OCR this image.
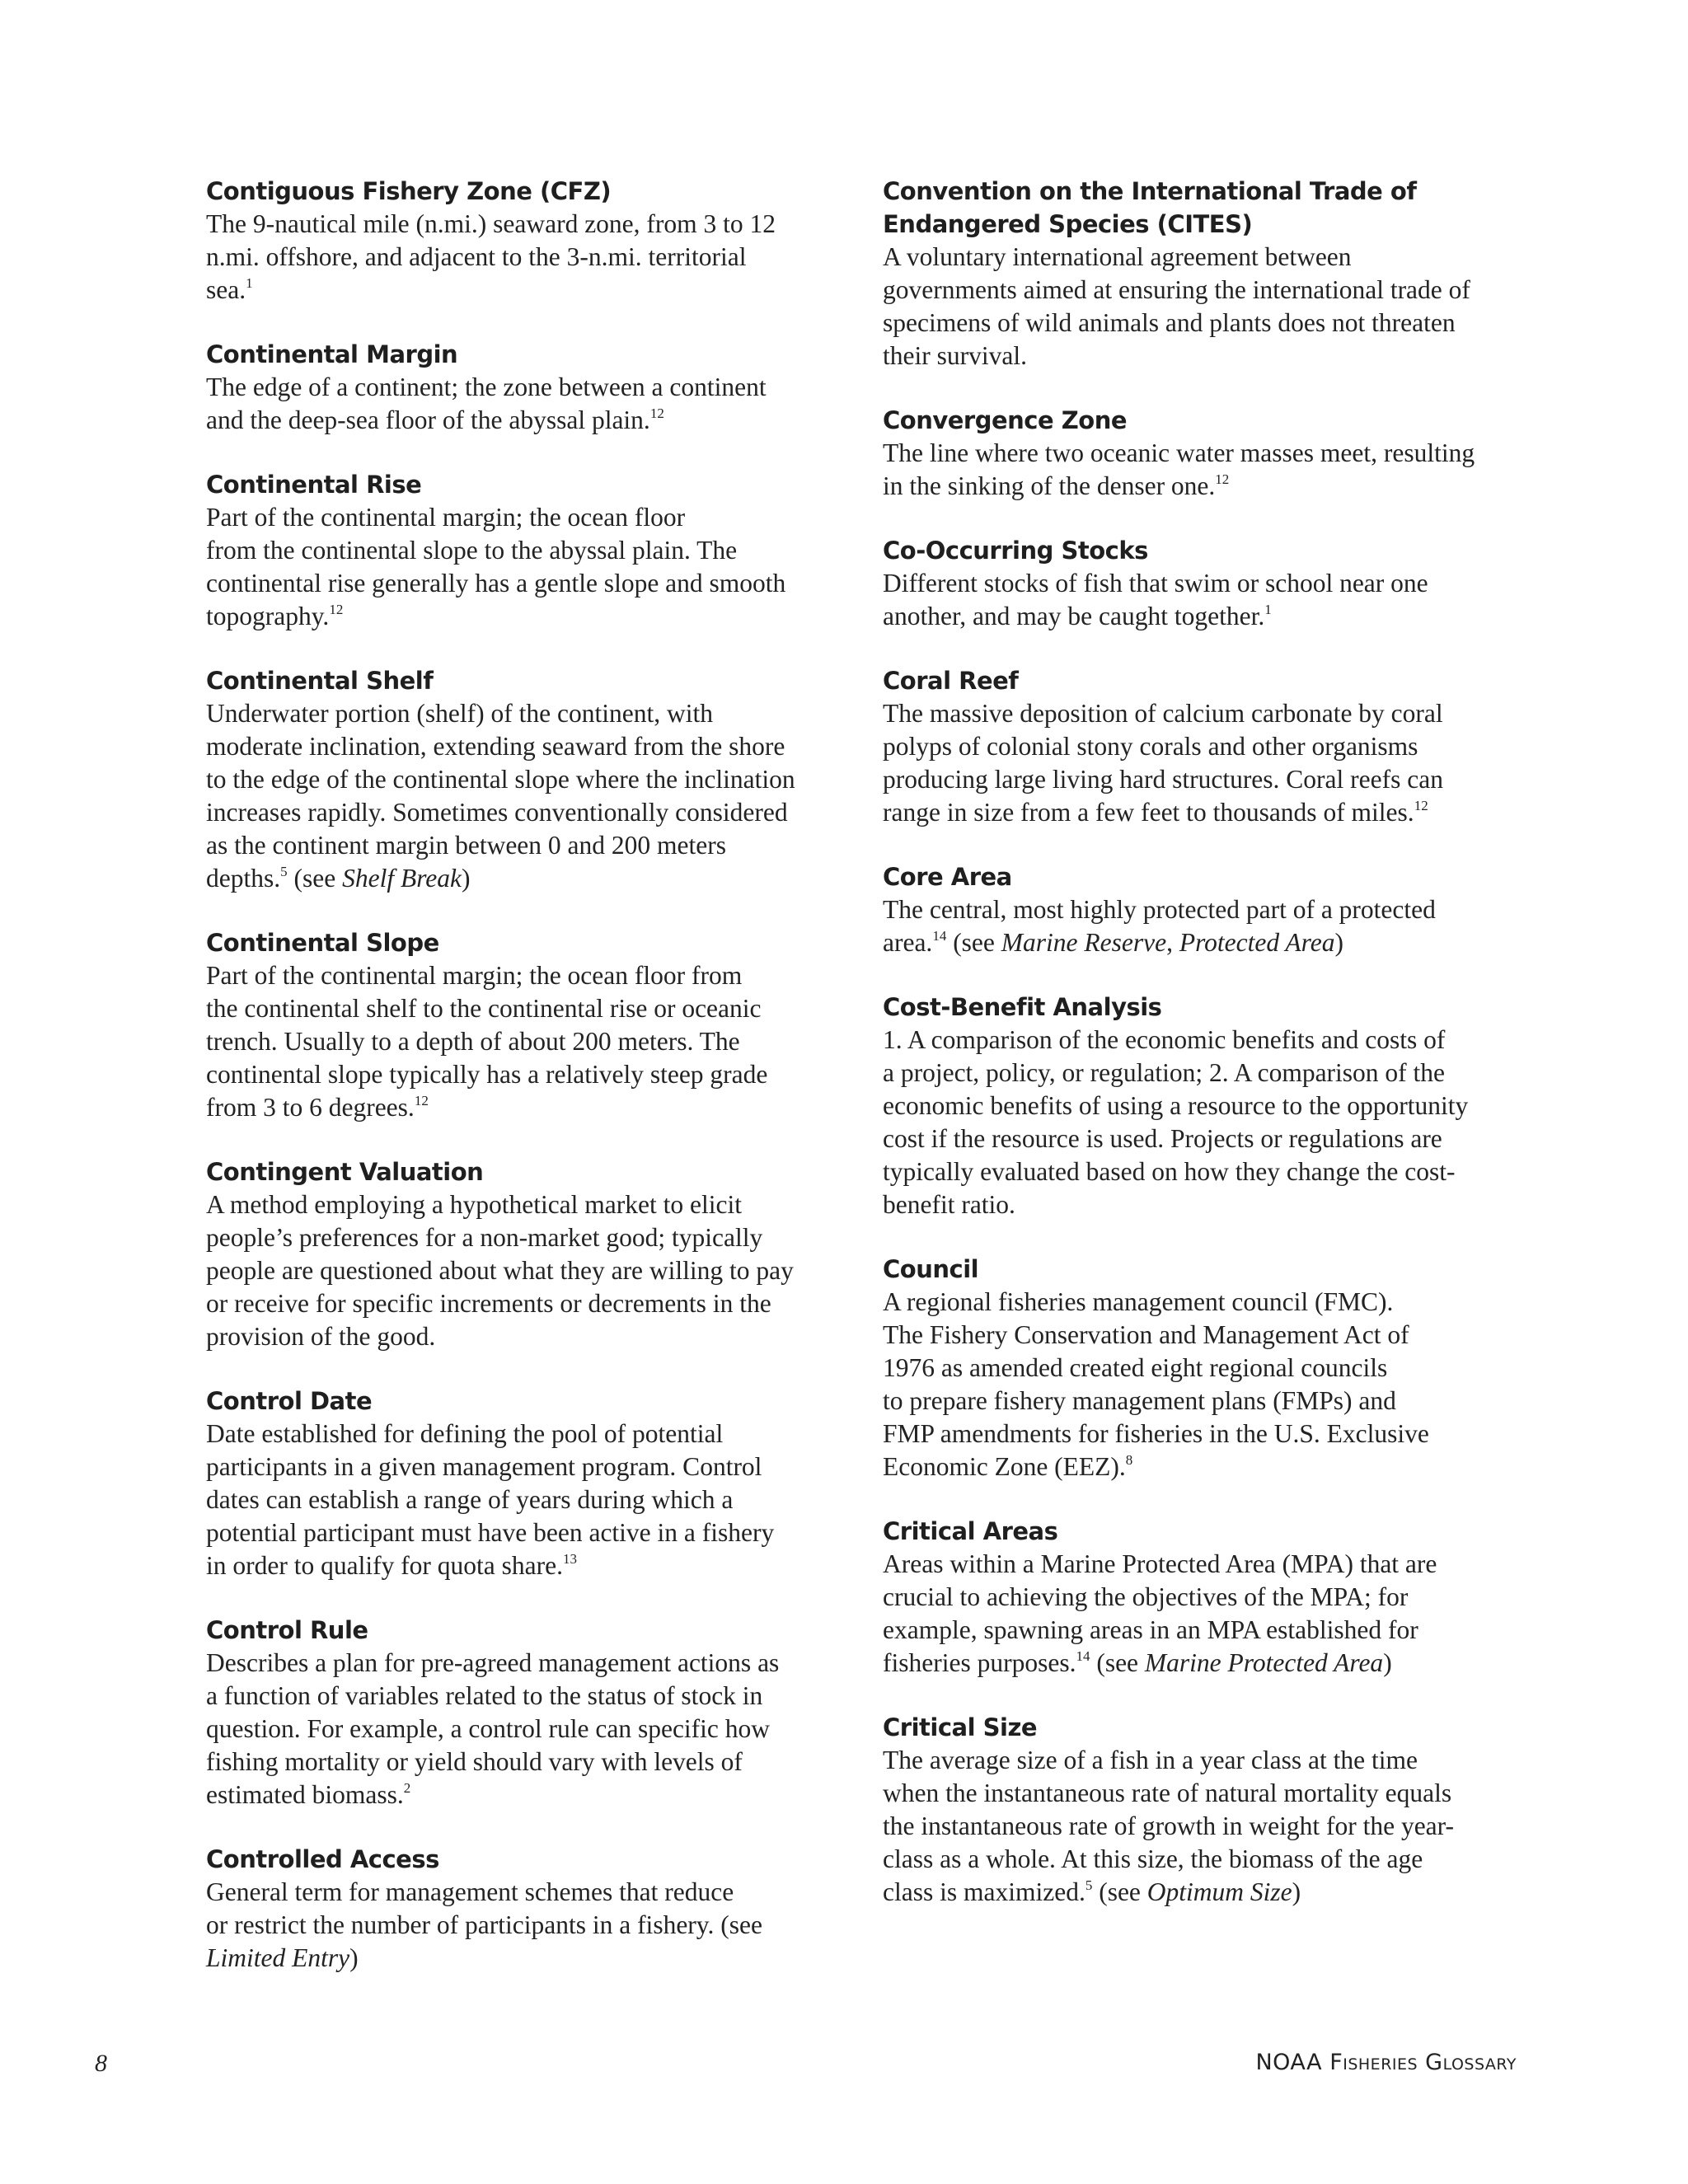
Contiguous Fishery Zone (CFZ)
The 9-nautical mile (n.mi.) seaward zone, from 3 to 12
n.mi. offshore, and adjacent to the 3-n.mi. territorial
sea.$^1$
Continental Margin
The edge of a continent; the zone between a continent
and the deep-sea floor of the abyssal plain.$^{12}$
Continental Rise
Part of the continental margin; the ocean floor
from the continental slope to the abyssal plain. The
continental rise generally has a gentle slope and smooth
topography.$^{12}$
Continental Shelf
Underwater portion (shelf) of the continent, with
moderate inclination, extending seaward from the shore
to the edge of the continental slope where the inclination
increases rapidly. Sometimes conventionally considered
as the continent margin between 0 and 200 meters
depths.$^5$ (see Shelf Break)
Continental Slope
Part of the continental margin; the ocean floor from
the continental shelf to the continental rise or oceanic
trench. Usually to a depth of about 200 meters. The
continental slope typically has a relatively steep grade
from 3 to 6 degrees.$^{12}$
Contingent Valuation
A method employing a hypothetical market to elicit
people’s preferences for a non-market good; typically
people are questioned about what they are willing to pay
or receive for specific increments or decrements in the
provision of the good.
Control Date
Date established for defining the pool of potential
participants in a given management program. Control
dates can establish a range of years during which a
potential participant must have been active in a fishery
in order to qualify for quota share.$^{13}$
Control Rule
Describes a plan for pre-agreed management actions as
a function of variables related to the status of stock in
question. For example, a control rule can specific how
fishing mortality or yield should vary with levels of
estimated biomass.$^2$
Controlled Access
General term for management schemes that reduce
or restrict the number of participants in a fishery. (see
Limited Entry)
Convention on the International Trade of
Endangered Species (CITES)
A voluntary international agreement between
governments aimed at ensuring the international trade of
specimens of wild animals and plants does not threaten
their survival.
Convergence Zone
The line where two oceanic water masses meet, resulting
in the sinking of the denser one.$^{12}$
Co-Occurring Stocks
Different stocks of fish that swim or school near one
another, and may be caught together.$^1$
Coral Reef
The massive deposition of calcium carbonate by coral
polyps of colonial stony corals and other organisms
producing large living hard structures. Coral reefs can
range in size from a few feet to thousands of miles.$^{12}$
Core Area
The central, most highly protected part of a protected
area.$^{14}$ (see Marine Reserve, Protected Area)
Cost-Benefit Analysis
1. A comparison of the economic benefits and costs of
a project, policy, or regulation; 2. A comparison of the
economic benefits of using a resource to the opportunity
cost if the resource is used. Projects or regulations are
typically evaluated based on how they change the cost-
benefit ratio.
Council
A regional fisheries management council (FMC).
The Fishery Conservation and Management Act of
1976 as amended created eight regional councils
to prepare fishery management plans (FMPs) and
FMP amendments for fisheries in the U.S. Exclusive
Economic Zone (EEZ).$^8$
Critical Areas
Areas within a Marine Protected Area (MPA) that are
crucial to achieving the objectives of the MPA; for
example, spawning areas in an MPA established for
fisheries purposes.$^{14}$ (see Marine Protected Area)
Critical Size
The average size of a fish in a year class at the time
when the instantaneous rate of natural mortality equals
the instantaneous rate of growth in weight for the year-
class as a whole. At this size, the biomass of the age
class is maximized.$^5$ (see Optimum Size)
8	NOAA Fisheries Glossary
